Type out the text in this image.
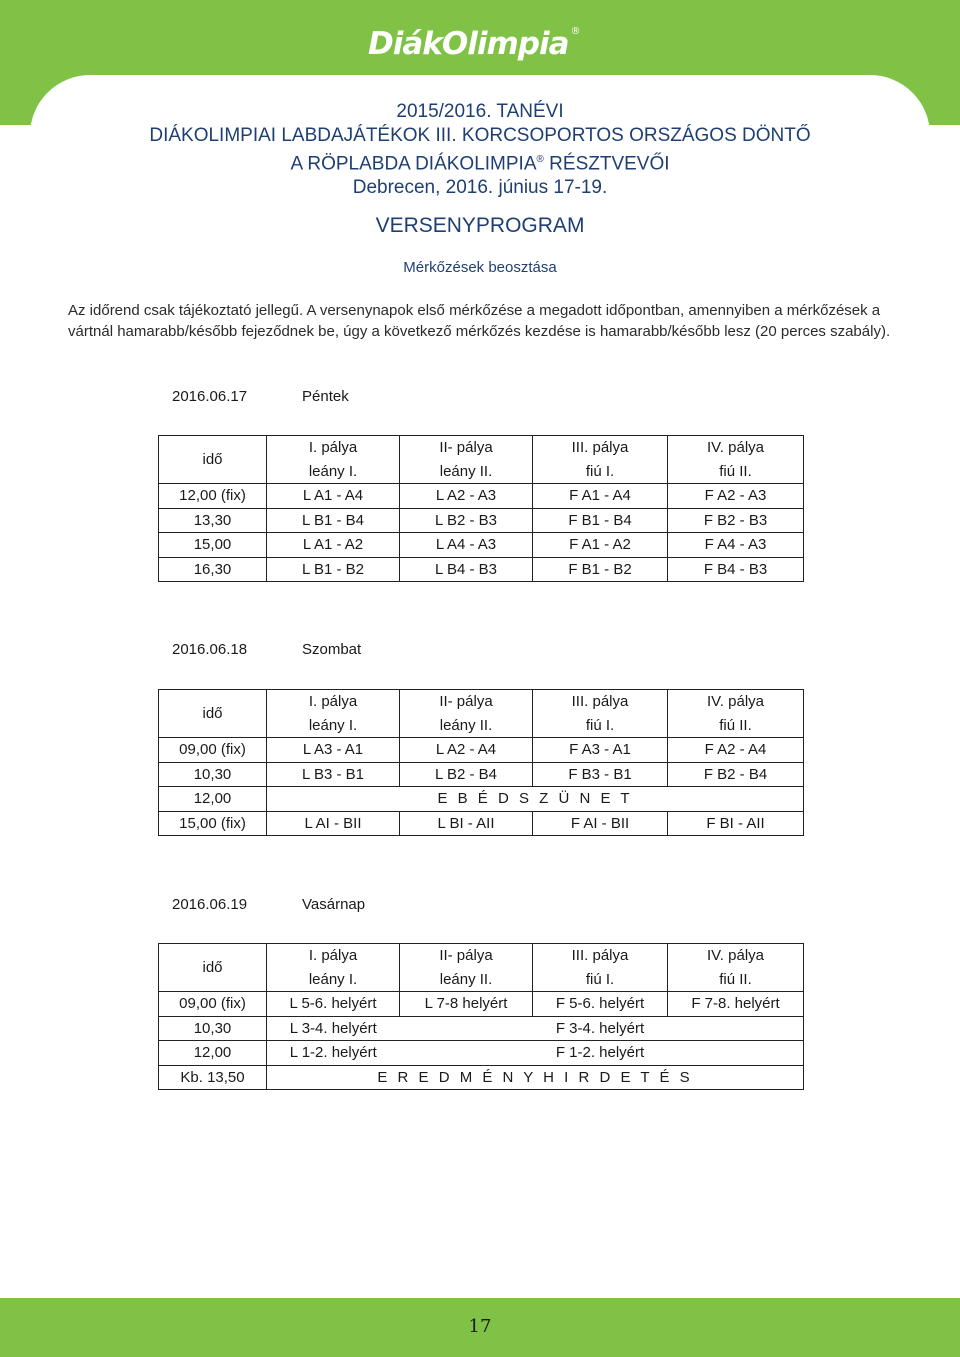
DiákOlimpia ®
2015/2016. TANÉVI
DIÁKOLIMPIAI LABDAJÁTÉKOK III. KORCSOPORTOS ORSZÁGOS DÖNTŐ
A RÖPLABDA DIÁKOLIMPIA® RÉSZTVEVŐI
Debrecen, 2016. június 17-19.
VERSENYPROGRAM
Mérkőzések beosztása
Az időrend csak tájékoztató jellegű. A versenynapok első mérkőzése a megadott időpontban, amennyiben a mérkőzések a vártnál hamarabb/később fejeződnek be, úgy a következő mérkőzés kezdése is hamarabb/később lesz (20 perces szabály).
2016.06.17	Péntek
idő	I. pálya	II- pálya	III. pálya	IV. pálya
	leány I.	leány II.	fiú I.	fiú II.
12,00 (fix)	L A1 - A4	L A2 - A3	F A1 - A4	F A2 - A3
13,30	L B1 - B4	L B2 - B3	F B1 - B4	F B2 - B3
15,00	L A1 - A2	L A4 - A3	F A1 - A2	F A4 - A3
16,30	L B1 - B2	L B4 - B3	F B1 - B2	F B4 - B3
2016.06.18	Szombat
idő	I. pálya	II- pálya	III. pálya	IV. pálya
	leány I.	leány II.	fiú I.	fiú II.
09,00 (fix)	L A3 - A1	L A2 - A4	F A3 - A1	F A2 - A4
10,30	L B3 - B1	L B2 - B4	F B3 - B1	F B2 - B4
12,00	E B É D S Z Ü N E T			
15,00 (fix)	L AI - BII	L BI - AII	F AI - BII	F BI - AII
2016.06.19	Vasárnap
idő	I. pálya	II- pálya	III. pálya	IV. pálya
	leány I.	leány II.	fiú I.	fiú II.
09,00 (fix)	L 5-6. helyért	L 7-8 helyért	F 5-6. helyért	F 7-8. helyért
10,30	L 3-4. helyért		F 3-4. helyért	
12,00	L 1-2. helyért		F 1-2. helyért	
Kb. 13,50	E R E D M É N Y H I R D E T É S			
17
